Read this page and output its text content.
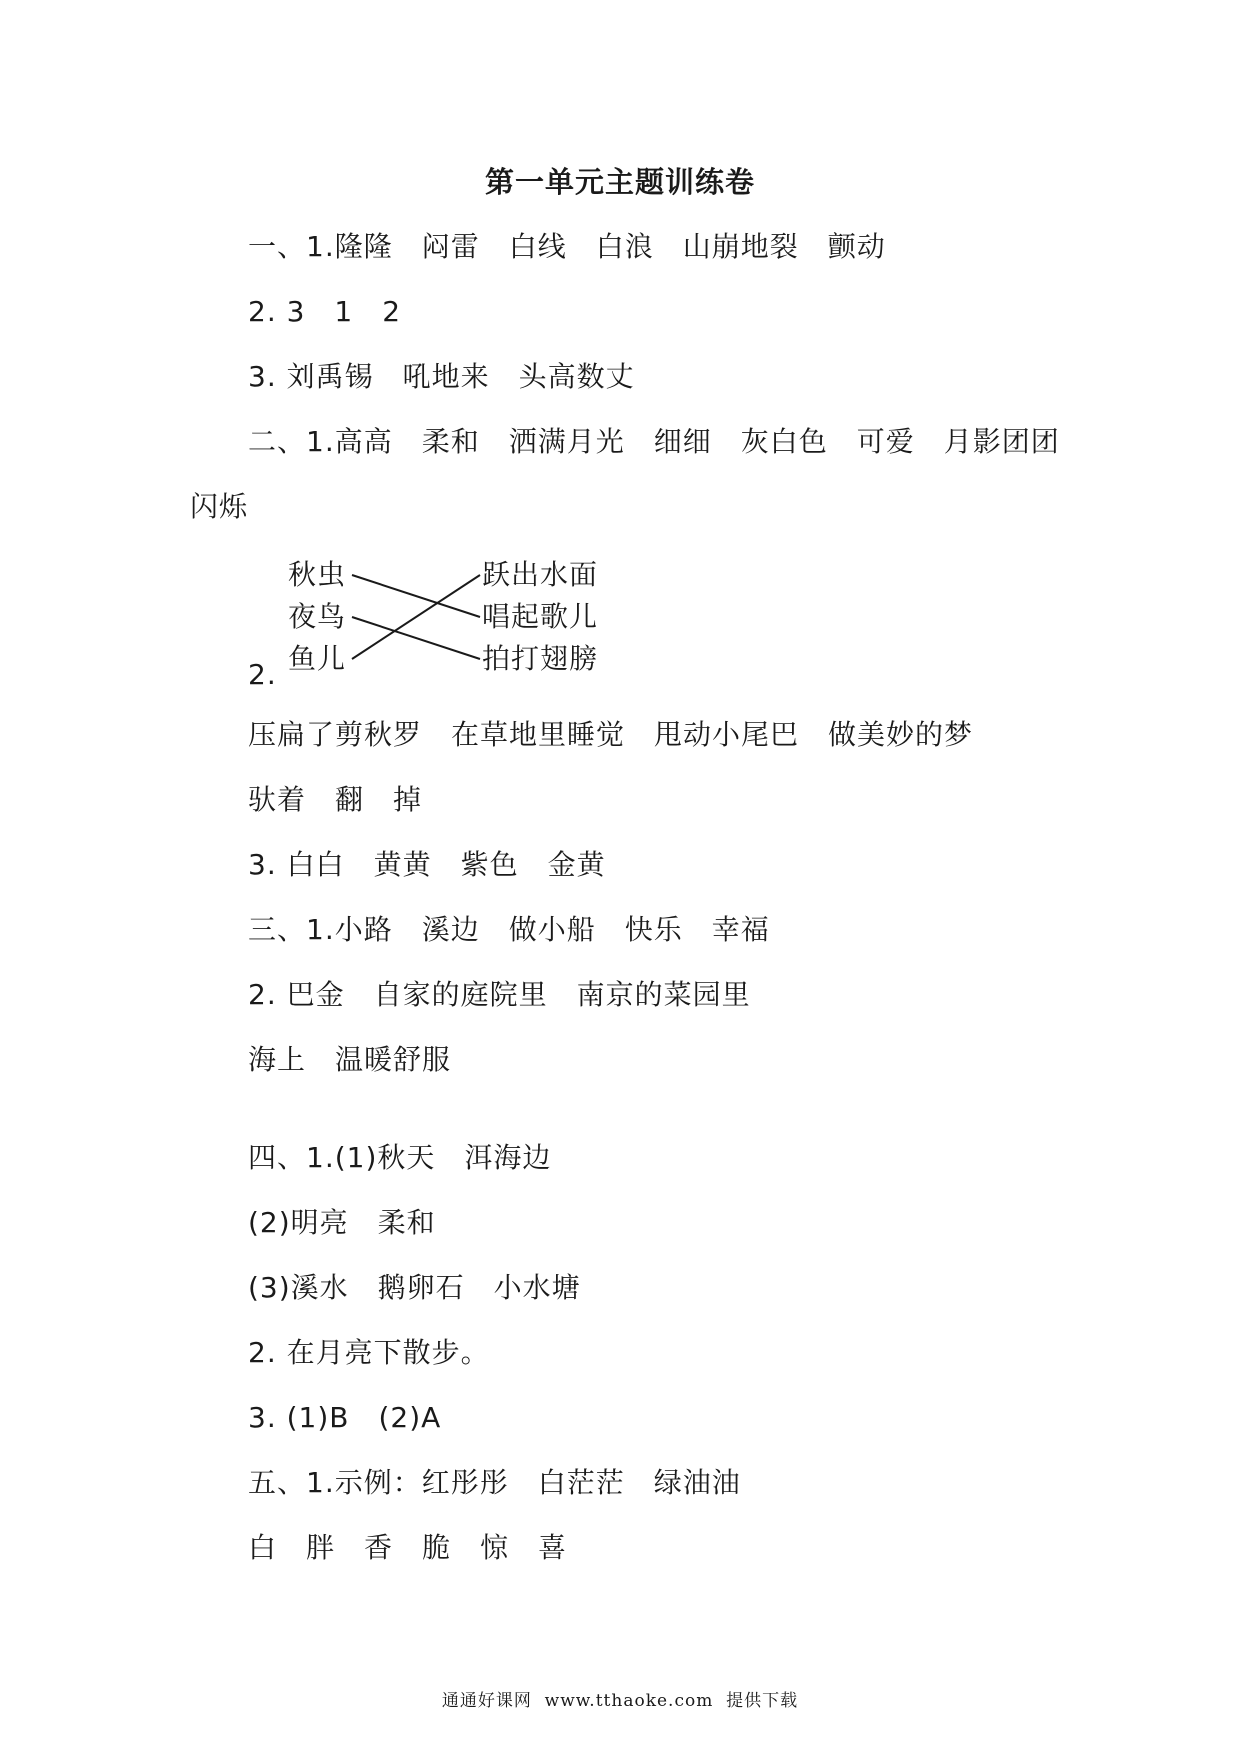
第一单元主题训练卷
一、1.隆隆　闷雷　白线　白浪　山崩地裂　颤动
2. 3　1　2
3. 刘禹锡　吼地来　头高数丈
二、1.高高　柔和　洒满月光　细细　灰白色　可爱　月影团团
闪烁
秋虫
夜鸟
鱼儿
跃出水面
唱起歌儿
拍打翅膀
2.
压扁了剪秋罗　在草地里睡觉　甩动小尾巴　做美妙的梦
驮着　翻　掉
3. 白白　黄黄　紫色　金黄
三、1.小路　溪边　做小船　快乐　幸福
2. 巴金　自家的庭院里　南京的菜园里
海上　温暖舒服
四、1.(1)秋天　洱海边
(2)明亮　柔和
(3)溪水　鹅卵石　小水塘
2. 在月亮下散步。
3. (1)B　(2)A
五、1.示例：红彤彤　白茫茫　绿油油
白　胖　香　脆　惊　喜
通通好课网  www.tthaoke.com  提供下载
